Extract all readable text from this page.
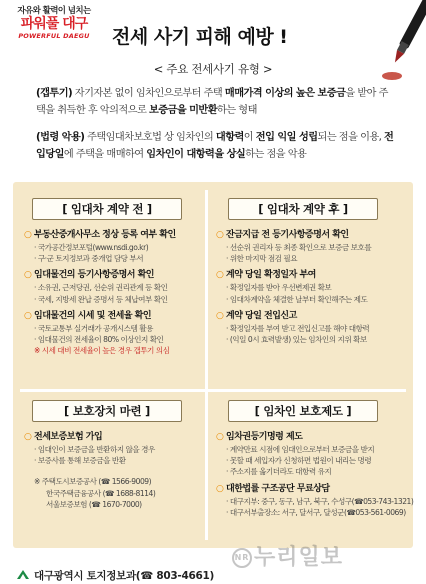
자유와 활력이 넘치는
파워풀 대구
POWERFUL DAEGU	전세 사기 피해 예방 !
< 주요 전세사기 유형 >
(갭투기) 자기자본 없이 임차인으로부터 주택 매매가격 이상의 높은 보증금을 받아 주택을 취득한 후 악의적으로 보증금을 미반환하는 형태
(법령 악용) 주택임대차보호법 상 임차인의 대항력이 전입 익일 성립되는 점을 이용, 전입당일에 주택을 매매하여 임차인이 대항력을 상실하는 점을 악용
[ 임대차 계약 전 ]	[ 임대차 계약 후 ]
[ 보호장치 마련 ]	[ 임차인 보호제도 ]
○ 부동산중개사무소 정상 등록 여부 확인
· 국가공간정보포털(www.nsdi.go.kr)
· 구·군 토지정보과 중개업 담당 부서
○ 임대물건의 등기사항증명서 확인
· 소유권, 근저당권, 선순위 권리관계 등 확인
· 국세, 지방세 완납 증명서 등 체납여부 확인
○ 임대물건의 시세 및 전세율 확인
· 국토교통부 실거래가 공개시스템 활용
· 임대물건의 전세율이 80% 이상인지 확인
※ 시세 대비 전세율이 높은 경우 갭투기 의심
○ 잔금지급 전 등기사항증명서 확인
· 선순위 권리자 등 최종 확인으로 보증금 보호를
· 위한 마지막 점검 필요
○ 계약 당일 확정일자 부여
· 확정일자를 받아 우선변제권 확보
· 임대차계약을 체결한 날부터 확인해주는 제도
○ 계약 당일 전입신고
· 확정일자를 부여 받고 전입신고를 해야 대항력
· (익일 0시 효력발생) 있는 임차인의 지위 확보
○ 전세보증보험 가입
· 임대인이 보증금을 반환하지 않을 경우
· 보증사를 통해 보증금을 반환
※ 주택도시보증공사 (☎ 1566-9009)
한국주택금융공사 (☎ 1688-8114)
서울보증보험 (☎ 1670-7000)
○ 임차권등기명령 제도
· 계약만료 시점에 임대인으로부터 보증금을 받지
· 못할 때 세입자가 신청하면 법원이 내리는 명령
· 주소지를 옮기더라도 대항력 유지
○ 대한법률 구조공단 무료상담
· 대구지부: 중구, 동구, 남구, 북구, 수성구(☎053-743-1321)
· 대구서부출장소: 서구, 달서구, 달성군(☎053-561-0069)
대구광역시 토지정보과(☎ 803-4661)
NR 누리일보
